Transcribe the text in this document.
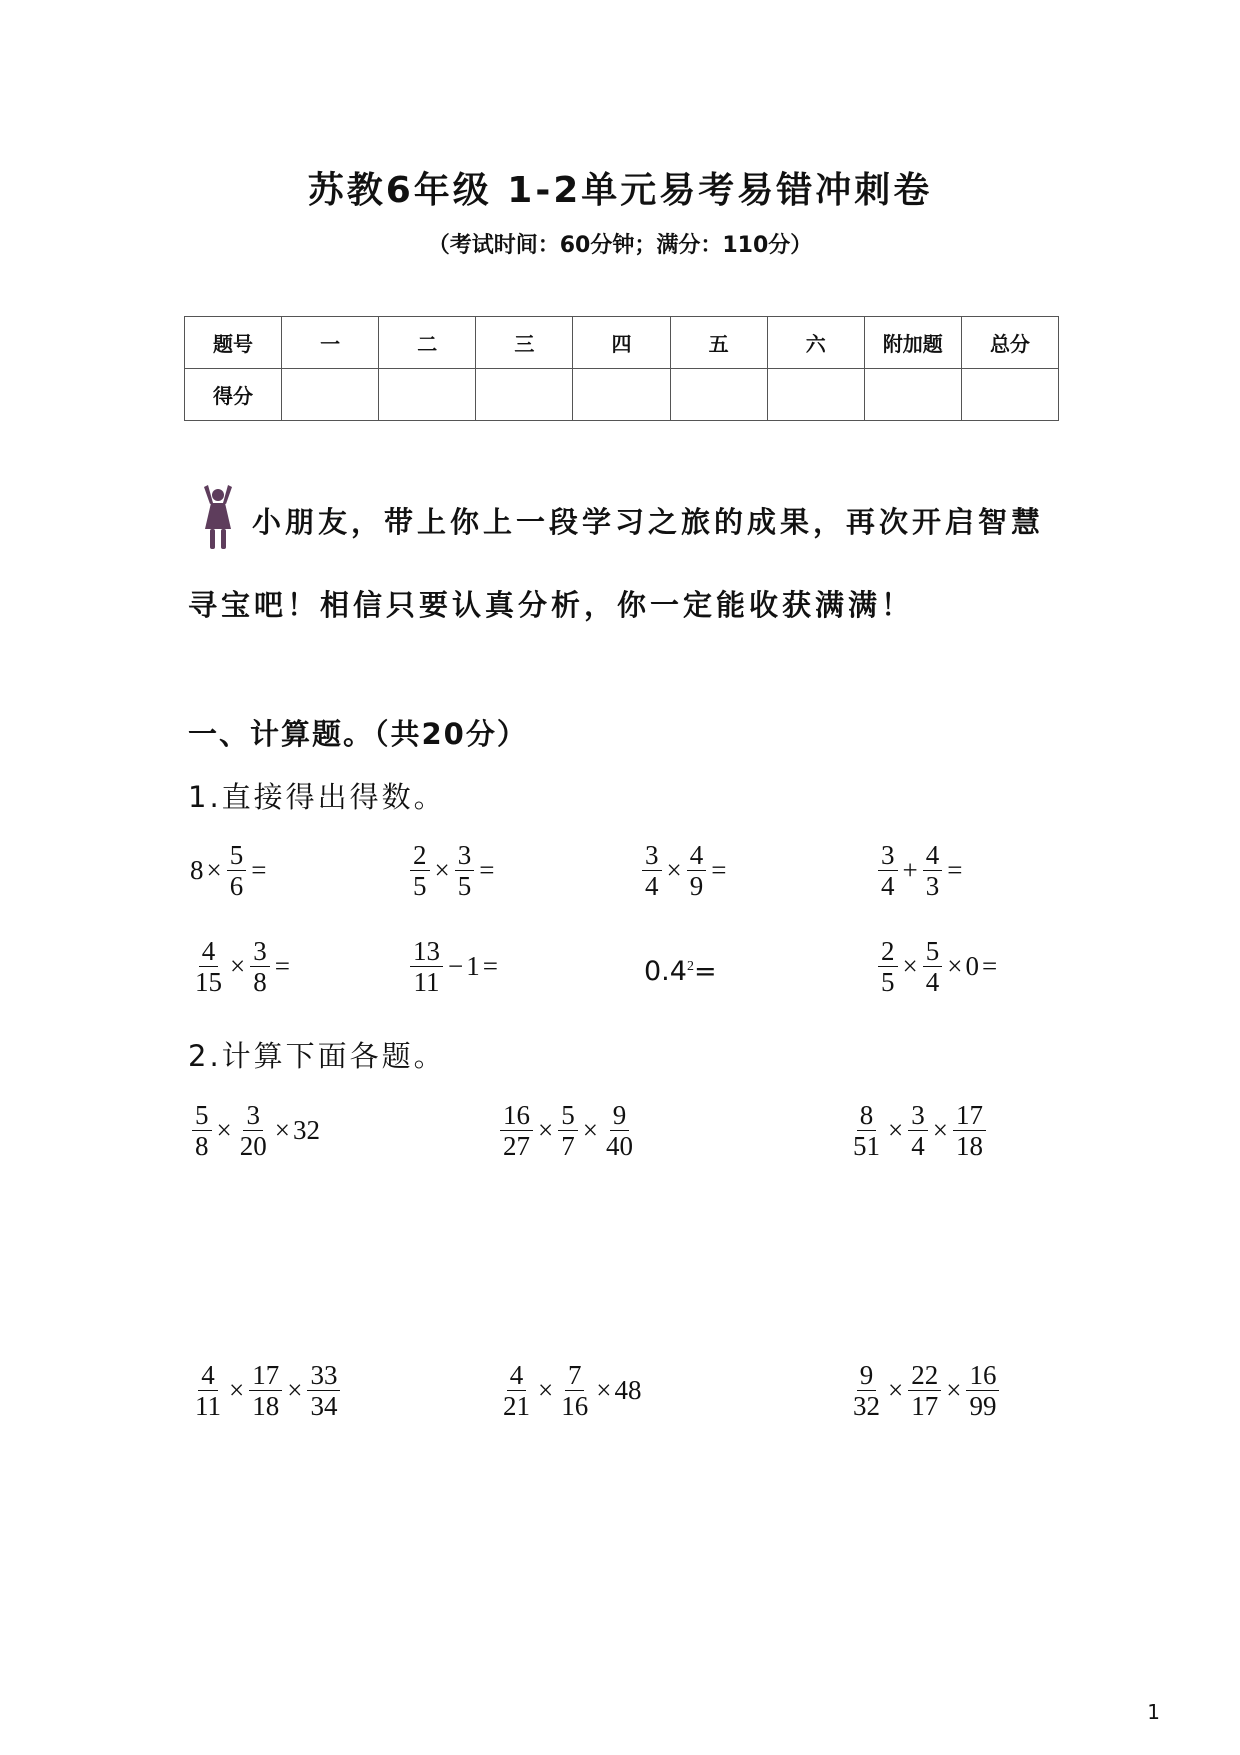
苏教6年级 1-2单元易考易错冲刺卷
（考试时间：60分钟；满分：110分）
题号	一	二	三	四	五	六	附加题	总分
得分								
小朋友，带上你上一段学习之旅的成果，再次开启智慧
寻宝吧！相信只要认真分析，你一定能收获满满！
一、计算题。（共20分）

1.直接得出得数。

$8 \times \frac{5}{6}$ =	$\frac{2}{5} \times \frac{3}{5}$ =	$\frac{3}{4} \times \frac{4}{9}$ =	$\frac{3}{4} + \frac{4}{3}$ =
$\frac{4}{15} \times \frac{3}{8}$ =	$\frac{13}{11} - 1$ =	$0.4^2=$	$\frac{2}{5} \times \frac{5}{4} \times 0$ =

2.计算下面各题。

$\frac{5}{8} \times \frac{3}{20} \times 32$	$\frac{16}{27} \times \frac{5}{7} \times \frac{9}{40}$	$\frac{8}{51} \times \frac{3}{4} \times \frac{17}{18}$
$\frac{4}{11} \times \frac{17}{18} \times \frac{33}{34}$	$\frac{4}{21} \times \frac{7}{16} \times 48$	$\frac{9}{32} \times \frac{22}{17} \times \frac{16}{99}$
1
